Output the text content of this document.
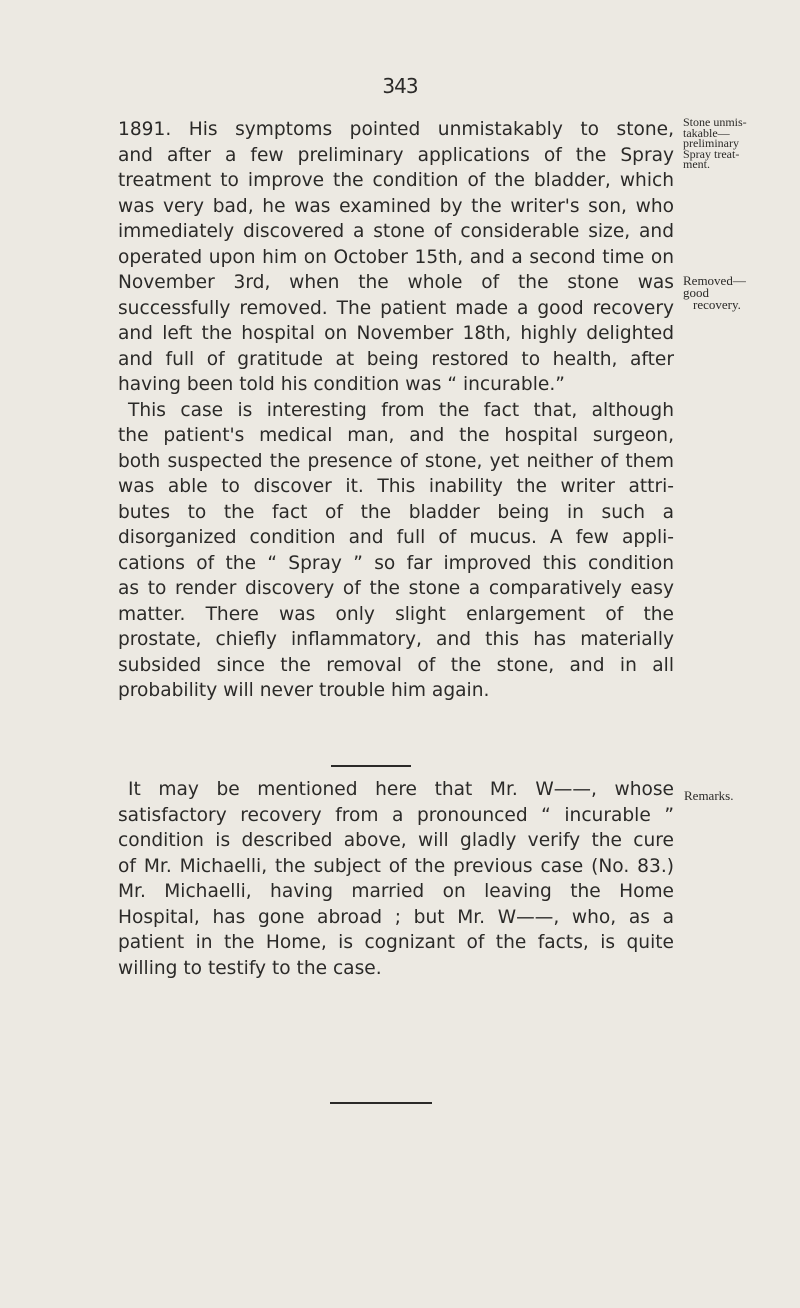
343
1891. His symptoms pointed unmistakably to stone,
and after a few preliminary applications of the Spray
treatment to improve the condition of the bladder, which
was very bad, he was examined by the writer's son, who
immediately discovered a stone of considerable size, and
operated upon him on October 15th, and a second time on
November 3rd, when the whole of the stone was
successfully removed. The patient made a good recovery
and left the hospital on November 18th, highly delighted
and full of gratitude at being restored to health, after
having been told his condition was “ incurable.”
This case is interesting from the fact that, although
the patient's medical man, and the hospital surgeon,
both suspected the presence of stone, yet neither of them
was able to discover it. This inability the writer attri-
butes to the fact of the bladder being in such a
disorganized condition and full of mucus. A few appli-
cations of the “ Spray ” so far improved this condition
as to render discovery of the stone a comparatively easy
matter. There was only slight enlargement of the
prostate, chiefly inflammatory, and this has materially
subsided since the removal of the stone, and in all
probability will never trouble him again.
It may be mentioned here that Mr. W——, whose
satisfactory recovery from a pronounced “ incurable ”
condition is described above, will gladly verify the cure
of Mr. Michaelli, the subject of the previous case (No. 83.)
Mr. Michaelli, having married on leaving the Home
Hospital, has gone abroad ; but Mr. W——, who, as a
patient in the Home, is cognizant of the facts, is quite
willing to testify to the case.
Stone unmis-
takable—
preliminary
Spray treat-
ment.
Removed—
good
recovery.
Remarks.
